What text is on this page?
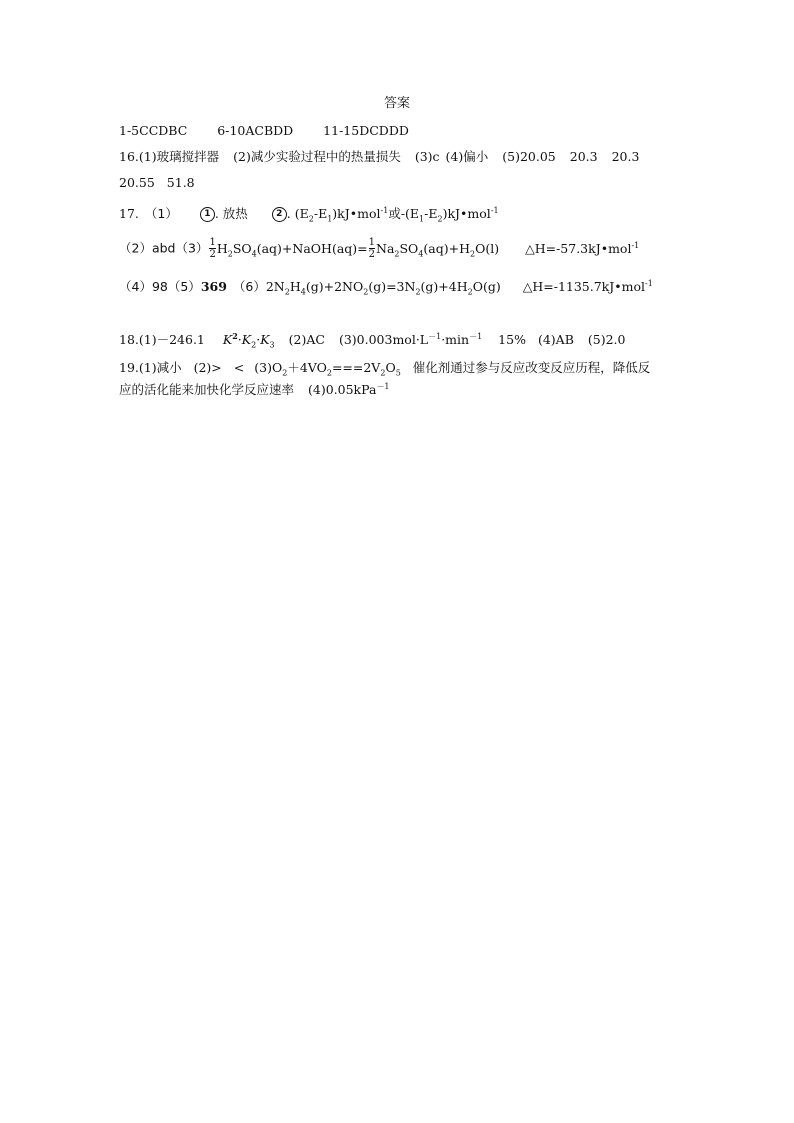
答案
1-5CCDBC 6-10ACBDD 11-15DCDDD
16.(1)玻璃搅拌器 (2)减少实验过程中的热量损失 (3)c (4)偏小 (5)20.05 20.3 20.3
20.55 51.8
17. （1）	1 . 放热	2 . $(E_2-E_1)kJ•mol^{-1}$或$-(E_1-E_2)kJ•mol^{-1}$
$(2)abd(3) \frac{1}{2}$ $H_2SO_4(aq)+NaOH(aq)= \frac{1}{2} Na_2SO_4(aq)+H_2O(l)$ △H=-57.3kJ•mol$^{-1}$
（4）98（5）369 $(6)2N_2H_4(g)+2NO_2(g)=3N_2(g)+4H_2O(g)$ △H=-1135.7kJ•mol$^{-1}$
18.(1)－246.1 $K^2\cdot K_2\cdot K_3$ (2)AC $(3)0.003mol\cdot L^{-1}\cdot\min^{-1}$ 15% (4)AB (5)2.0
19.(1)减小 $(2)> < (3)O_2+4VO_2===2V_2O_5$ 催化剂通过参与反应改变反应历程，降低反
应的活化能来加快化学反应速率 (4)0.05kPa$^{-1}$
